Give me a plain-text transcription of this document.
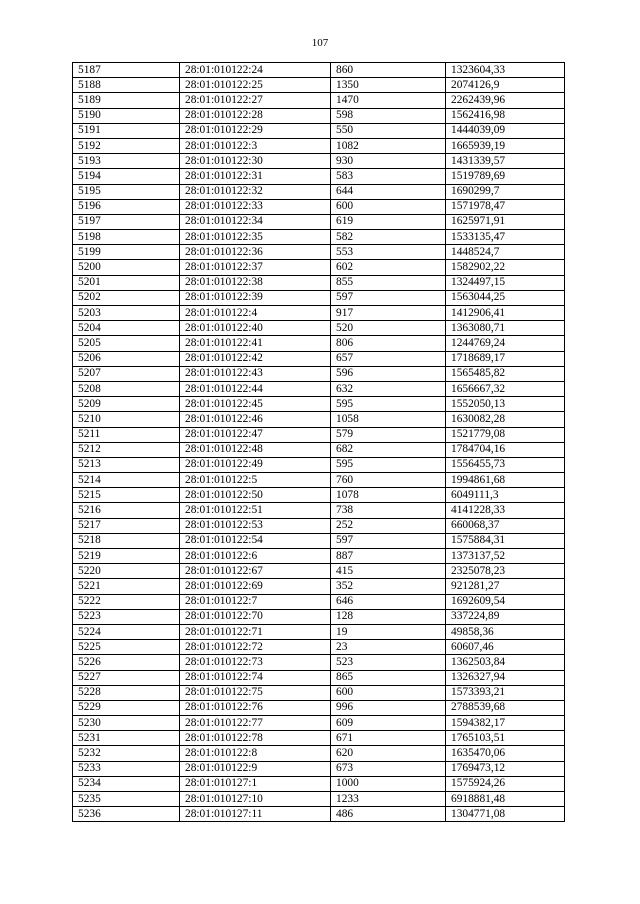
107
5187	28:01:010122:24	860	1323604,33
5188	28:01:010122:25	1350	2074126,9
5189	28:01:010122:27	1470	2262439,96
5190	28:01:010122:28	598	1562416,98
5191	28:01:010122:29	550	1444039,09
5192	28:01:010122:3	1082	1665939,19
5193	28:01:010122:30	930	1431339,57
5194	28:01:010122:31	583	1519789,69
5195	28:01:010122:32	644	1690299,7
5196	28:01:010122:33	600	1571978,47
5197	28:01:010122:34	619	1625971,91
5198	28:01:010122:35	582	1533135,47
5199	28:01:010122:36	553	1448524,7
5200	28:01:010122:37	602	1582902,22
5201	28:01:010122:38	855	1324497,15
5202	28:01:010122:39	597	1563044,25
5203	28:01:010122:4	917	1412906,41
5204	28:01:010122:40	520	1363080,71
5205	28:01:010122:41	806	1244769,24
5206	28:01:010122:42	657	1718689,17
5207	28:01:010122:43	596	1565485,82
5208	28:01:010122:44	632	1656667,32
5209	28:01:010122:45	595	1552050,13
5210	28:01:010122:46	1058	1630082,28
5211	28:01:010122:47	579	1521779,08
5212	28:01:010122:48	682	1784704,16
5213	28:01:010122:49	595	1556455,73
5214	28:01:010122:5	760	1994861,68
5215	28:01:010122:50	1078	6049111,3
5216	28:01:010122:51	738	4141228,33
5217	28:01:010122:53	252	660068,37
5218	28:01:010122:54	597	1575884,31
5219	28:01:010122:6	887	1373137,52
5220	28:01:010122:67	415	2325078,23
5221	28:01:010122:69	352	921281,27
5222	28:01:010122:7	646	1692609,54
5223	28:01:010122:70	128	337224,89
5224	28:01:010122:71	19	49858,36
5225	28:01:010122:72	23	60607,46
5226	28:01:010122:73	523	1362503,84
5227	28:01:010122:74	865	1326327,94
5228	28:01:010122:75	600	1573393,21
5229	28:01:010122:76	996	2788539,68
5230	28:01:010122:77	609	1594382,17
5231	28:01:010122:78	671	1765103,51
5232	28:01:010122:8	620	1635470,06
5233	28:01:010122:9	673	1769473,12
5234	28:01:010127:1	1000	1575924,26
5235	28:01:010127:10	1233	6918881,48
5236	28:01:010127:11	486	1304771,08
